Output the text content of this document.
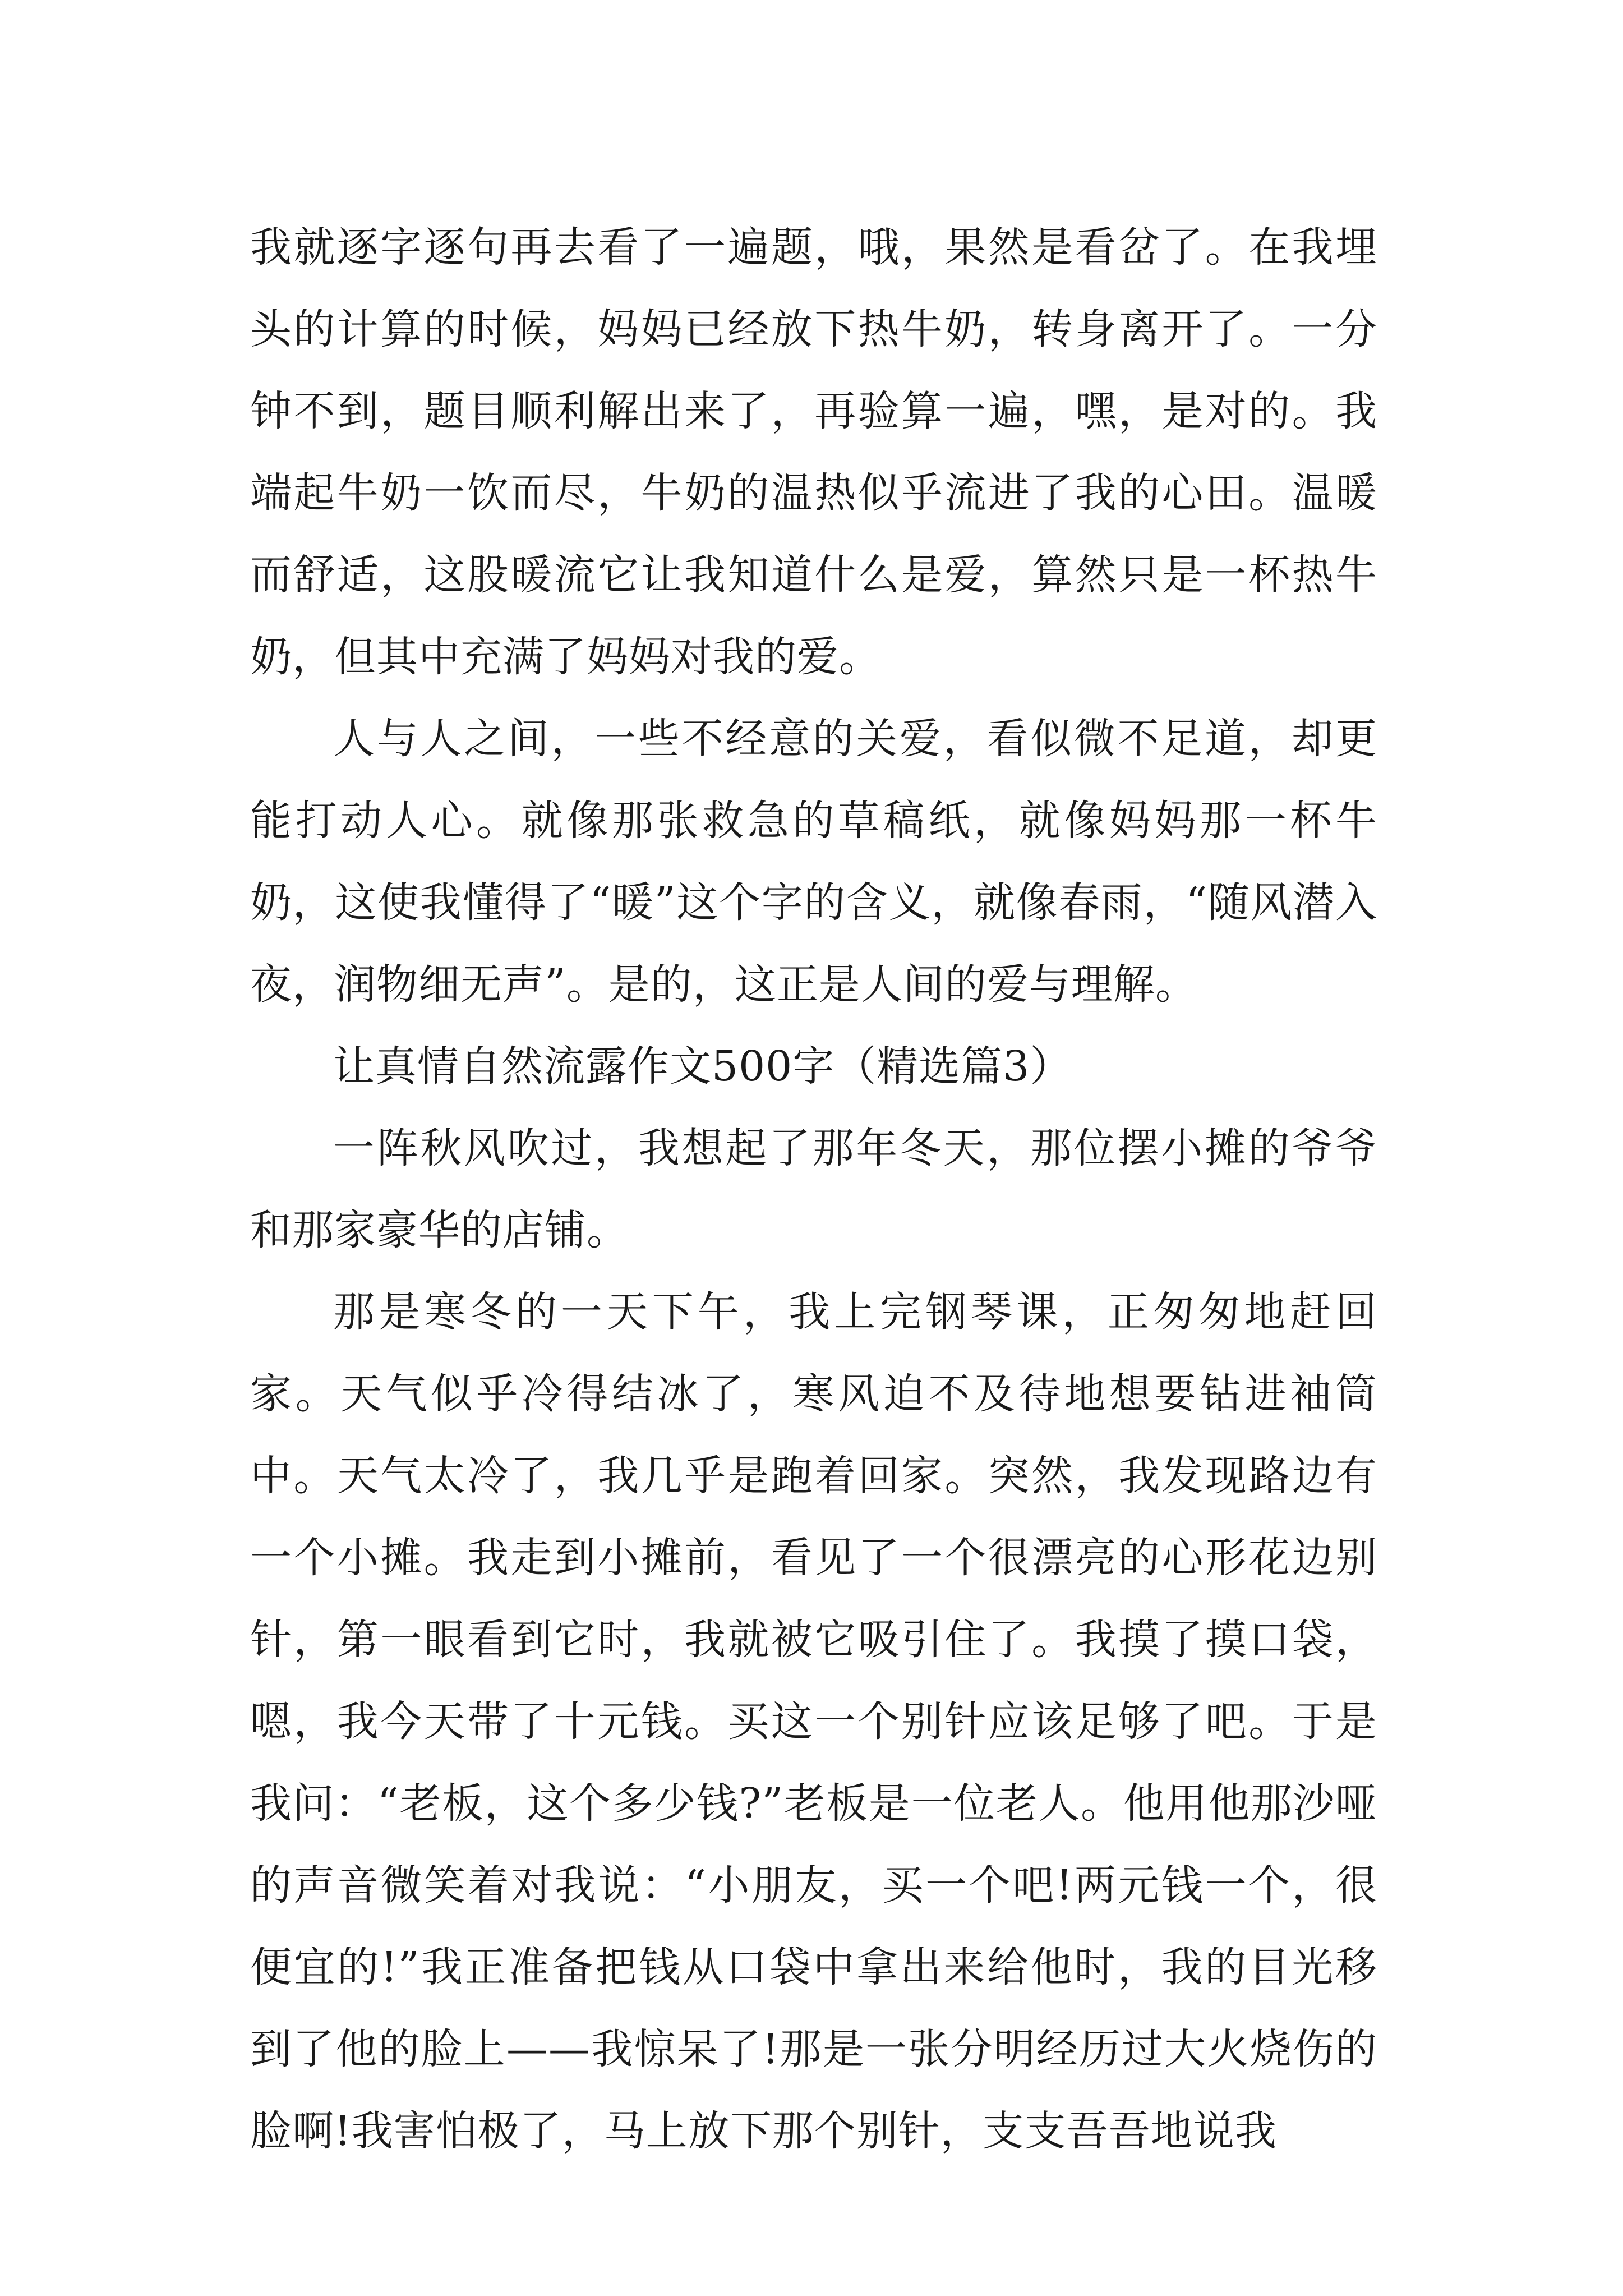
我就逐字逐句再去看了一遍题，哦，果然是看岔了。在我埋头的计算的时候，妈妈已经放下热牛奶，转身离开了。一分钟不到，题目顺利解出来了，再验算一遍，嘿，是对的。我端起牛奶一饮而尽，牛奶的温热似乎流进了我的心田。温暖而舒适，这股暖流它让我知道什么是爱，算然只是一杯热牛奶，但其中充满了妈妈对我的爱。

人与人之间，一些不经意的关爱，看似微不足道，却更能打动人心。就像那张救急的草稿纸，就像妈妈那一杯牛奶，这使我懂得了“暖”这个字的含义，就像春雨，“随风潜入夜，润物细无声”。是的，这正是人间的爱与理解。

让真情自然流露作文500字（精选篇3）

一阵秋风吹过，我想起了那年冬天，那位摆小摊的爷爷和那家豪华的店铺。

那是寒冬的一天下午，我上完钢琴课，正匆匆地赶回家。天气似乎冷得结冰了，寒风迫不及待地想要钻进袖筒中。天气太冷了，我几乎是跑着回家。突然，我发现路边有一个小摊。我走到小摊前，看见了一个很漂亮的心形花边别针，第一眼看到它时，我就被它吸引住了。我摸了摸口袋，嗯，我今天带了十元钱。买这一个别针应该足够了吧。于是我问：“老板，这个多少钱?”老板是一位老人。他用他那沙哑的声音微笑着对我说：“小朋友，买一个吧!两元钱一个，很便宜的!”我正准备把钱从口袋中拿出来给他时，我的目光移到了他的脸上——我惊呆了!那是一张分明经历过大火烧伤的脸啊!我害怕极了，马上放下那个别针，支支吾吾地说我
